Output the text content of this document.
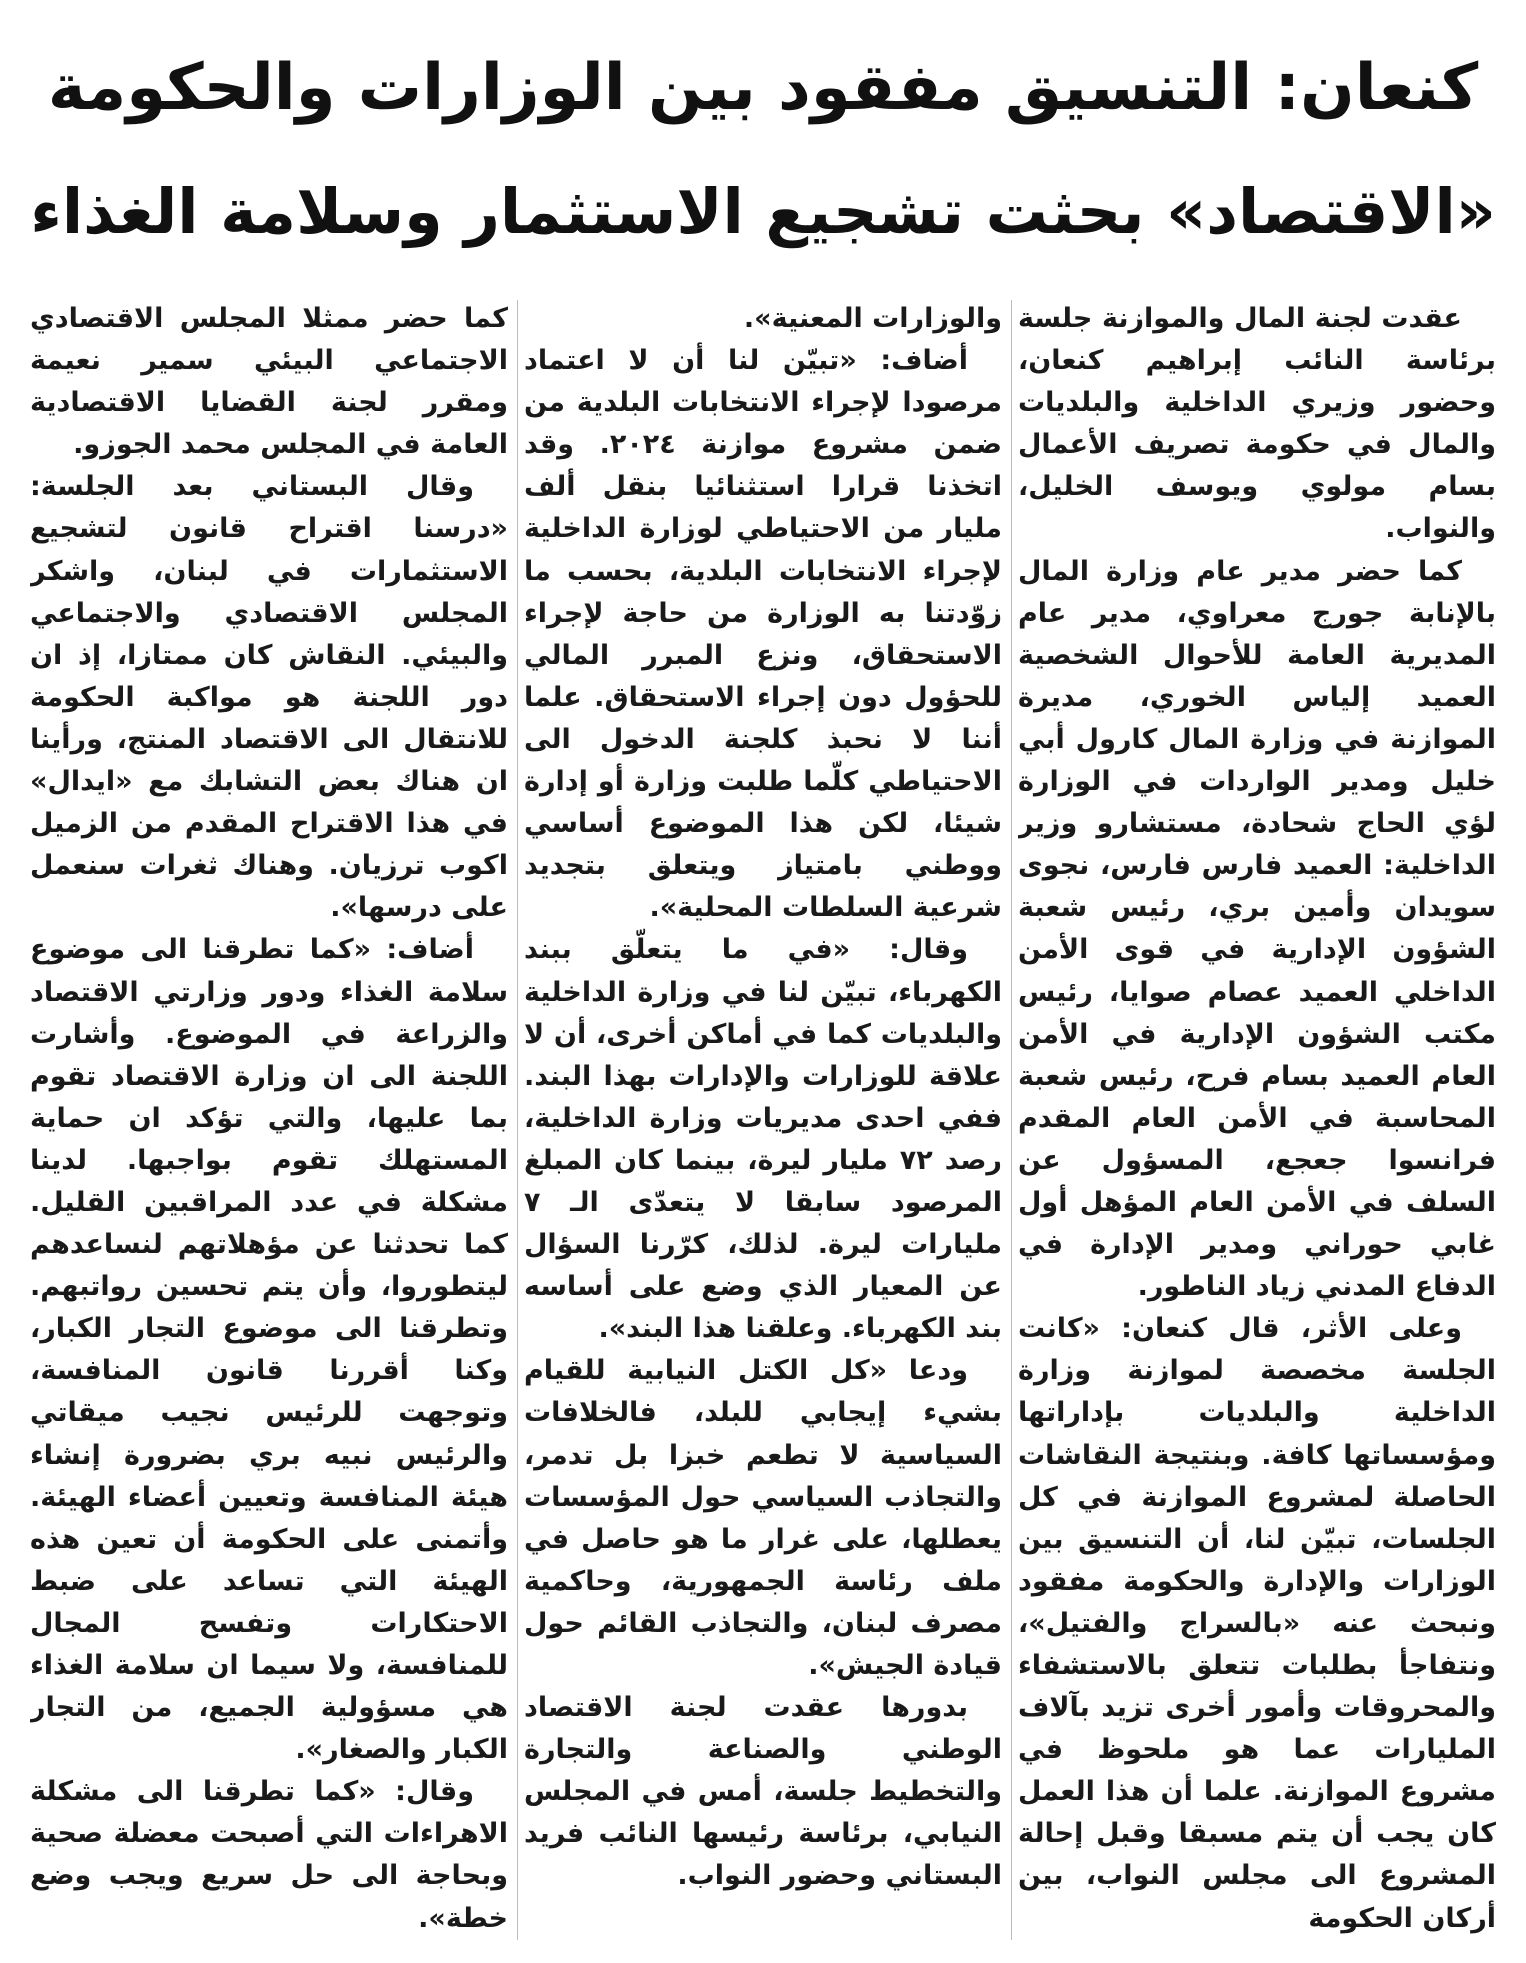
كنعان: التنسيق مفقود بين الوزارات والحكومة
«الاقتصاد» بحثت تشجيع الاستثمار وسلامة الغذاء

عقدت لجنة المال والموازنة جلسة برئاسة النائب إبراهيم كنعان، وحضور وزيري الداخلية والبلديات والمال في حكومة تصريف الأعمال بسام مولوي ويوسف الخليل، والنواب.

كما حضر مدير عام وزارة المال بالإنابة جورج معراوي، مدير عام المديرية العامة للأحوال الشخصية العميد إلياس الخوري، مديرة الموازنة في وزارة المال كارول أبي خليل ومدير الواردات في الوزارة لؤي الحاج شحادة، مستشارو وزير الداخلية: العميد فارس فارس، نجوى سويدان وأمين بري، رئيس شعبة الشؤون الإدارية في قوى الأمن الداخلي العميد عصام صوايا، رئيس مكتب الشؤون الإدارية في الأمن العام العميد بسام فرح، رئيس شعبة المحاسبة في الأمن العام المقدم فرانسوا جعجع، المسؤول عن السلف في الأمن العام المؤهل أول غابي حوراني ومدير الإدارة في الدفاع المدني زياد الناطور.

وعلى الأثر، قال كنعان: «كانت الجلسة مخصصة لموازنة وزارة الداخلية والبلديات بإداراتها ومؤسساتها كافة. وبنتيجة النقاشات الحاصلة لمشروع الموازنة في كل الجلسات، تبيّن لنا، أن التنسيق بين الوزارات والإدارة والحكومة مفقود ونبحث عنه «بالسراج والفتيل»، ونتفاجأ بطلبات تتعلق بالاستشفاء والمحروقات وأمور أخرى تزيد بآلاف المليارات عما هو ملحوظ في مشروع الموازنة. علما أن هذا العمل كان يجب أن يتم مسبقا وقبل إحالة المشروع الى مجلس النواب، بين أركان الحكومة

والوزارات المعنية».

أضاف: «تبيّن لنا أن لا اعتماد مرصودا لإجراء الانتخابات البلدية من ضمن مشروع موازنة ٢٠٢٤. وقد اتخذنا قرارا استثنائيا بنقل ألف مليار من الاحتياطي لوزارة الداخلية لإجراء الانتخابات البلدية، بحسب ما زوّدتنا به الوزارة من حاجة لإجراء الاستحقاق، ونزع المبرر المالي للحؤول دون إجراء الاستحقاق. علما أننا لا نحبذ كلجنة الدخول الى الاحتياطي كلّما طلبت وزارة أو إدارة شيئا، لكن هذا الموضوع أساسي ووطني بامتياز ويتعلق بتجديد شرعية السلطات المحلية».

وقال: «في ما يتعلّق ببند الكهرباء، تبيّن لنا في وزارة الداخلية والبلديات كما في أماكن أخرى، أن لا علاقة للوزارات والإدارات بهذا البند. ففي احدى مديريات وزارة الداخلية، رصد ٧٢ مليار ليرة، بينما كان المبلغ المرصود سابقا لا يتعدّى الـ ٧ مليارات ليرة. لذلك، كرّرنا السؤال عن المعيار الذي وضع على أساسه بند الكهرباء. وعلقنا هذا البند».

ودعا «كل الكتل النيابية للقيام بشيء إيجابي للبلد، فالخلافات السياسية لا تطعم خبزا بل تدمر، والتجاذب السياسي حول المؤسسات يعطلها، على غرار ما هو حاصل في ملف رئاسة الجمهورية، وحاكمية مصرف لبنان، والتجاذب القائم حول قيادة الجيش».

بدورها عقدت لجنة الاقتصاد الوطني والصناعة والتجارة والتخطيط جلسة، أمس في المجلس النيابي، برئاسة رئيسها النائب فريد البستاني وحضور النواب.

كما حضر ممثلا المجلس الاقتصادي الاجتماعي البيئي سمير نعيمة ومقرر لجنة القضايا الاقتصادية العامة في المجلس محمد الجوزو.

وقال البستاني بعد الجلسة: «درسنا اقتراح قانون لتشجيع الاستثمارات في لبنان، واشكر المجلس الاقتصادي والاجتماعي والبيئي. النقاش كان ممتازا، إذ ان دور اللجنة هو مواكبة الحكومة للانتقال الى الاقتصاد المنتج، ورأينا ان هناك بعض التشابك مع «ايدال» في هذا الاقتراح المقدم من الزميل اكوب ترزيان. وهناك ثغرات سنعمل على درسها».

أضاف: «كما تطرقنا الى موضوع سلامة الغذاء ودور وزارتي الاقتصاد والزراعة في الموضوع. وأشارت اللجنة الى ان وزارة الاقتصاد تقوم بما عليها، والتي تؤكد ان حماية المستهلك تقوم بواجبها. لدينا مشكلة في عدد المراقبين القليل. كما تحدثنا عن مؤهلاتهم لنساعدهم ليتطوروا، وأن يتم تحسين رواتبهم. وتطرقنا الى موضوع التجار الكبار، وكنا أقررنا قانون المنافسة، وتوجهت للرئيس نجيب ميقاتي والرئيس نبيه بري بضرورة إنشاء هيئة المنافسة وتعيين أعضاء الهيئة. وأتمنى على الحكومة أن تعين هذه الهيئة التي تساعد على ضبط الاحتكارات وتفسح المجال للمنافسة، ولا سيما ان سلامة الغذاء هي مسؤولية الجميع، من التجار الكبار والصغار».

وقال: «كما تطرقنا الى مشكلة الاهراءات التي أصبحت معضلة صحية وبحاجة الى حل سريع ويجب وضع خطة».
